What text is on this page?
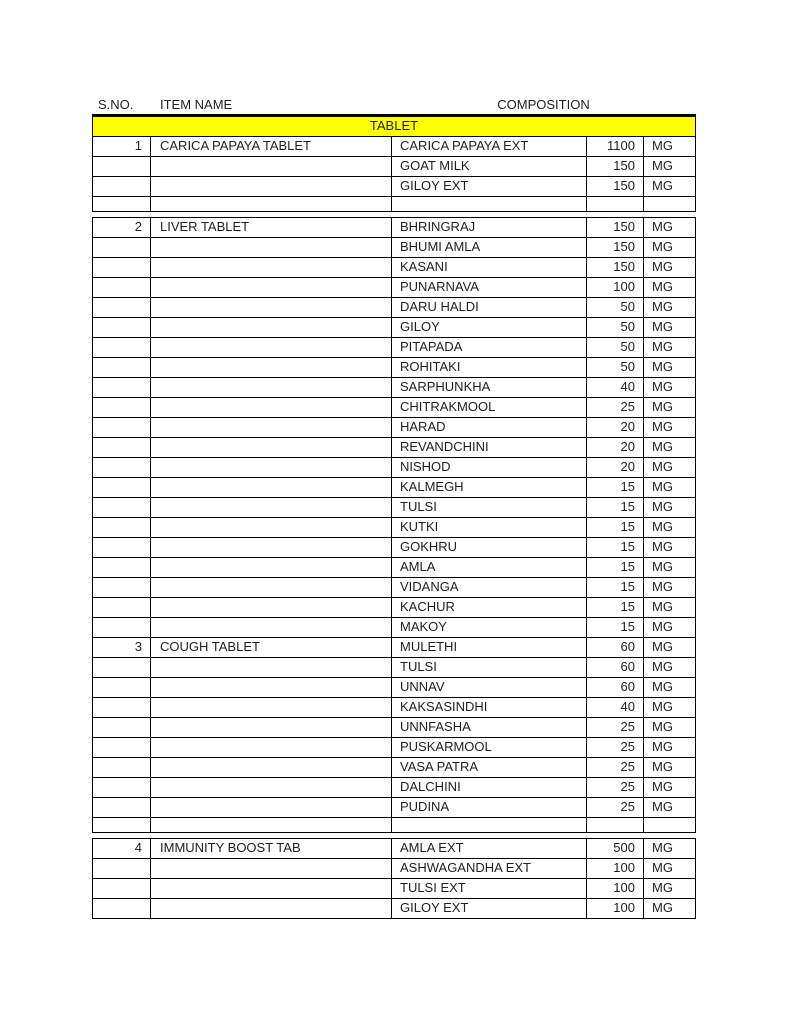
S.NO.	ITEM NAME	COMPOSITION
TABLET
1	CARICA PAPAYA TABLET	CARICA PAPAYA EXT	1100	MG
GOAT MILK	150	MG
GILOY EXT	150	MG
2	LIVER TABLET	BHRINGRAJ	150	MG
BHUMI AMLA	150	MG
KASANI	150	MG
PUNARNAVA	100	MG
DARU HALDI	50	MG
GILOY	50	MG
PITAPADA	50	MG
ROHITAKI	50	MG
SARPHUNKHA	40	MG
CHITRAKMOOL	25	MG
HARAD	20	MG
REVANDCHINI	20	MG
NISHOD	20	MG
KALMEGH	15	MG
TULSI	15	MG
KUTKI	15	MG
GOKHRU	15	MG
AMLA	15	MG
VIDANGA	15	MG
KACHUR	15	MG
MAKOY	15	MG
3	COUGH TABLET	MULETHI	60	MG
TULSI	60	MG
UNNAV	60	MG
KAKSASINDHI	40	MG
UNNFASHA	25	MG
PUSKARMOOL	25	MG
VASA PATRA	25	MG
DALCHINI	25	MG
PUDINA	25	MG
4	IMMUNITY BOOST TAB	AMLA EXT	500	MG
ASHWAGANDHA EXT	100	MG
TULSI EXT	100	MG
GILOY EXT	100	MG
